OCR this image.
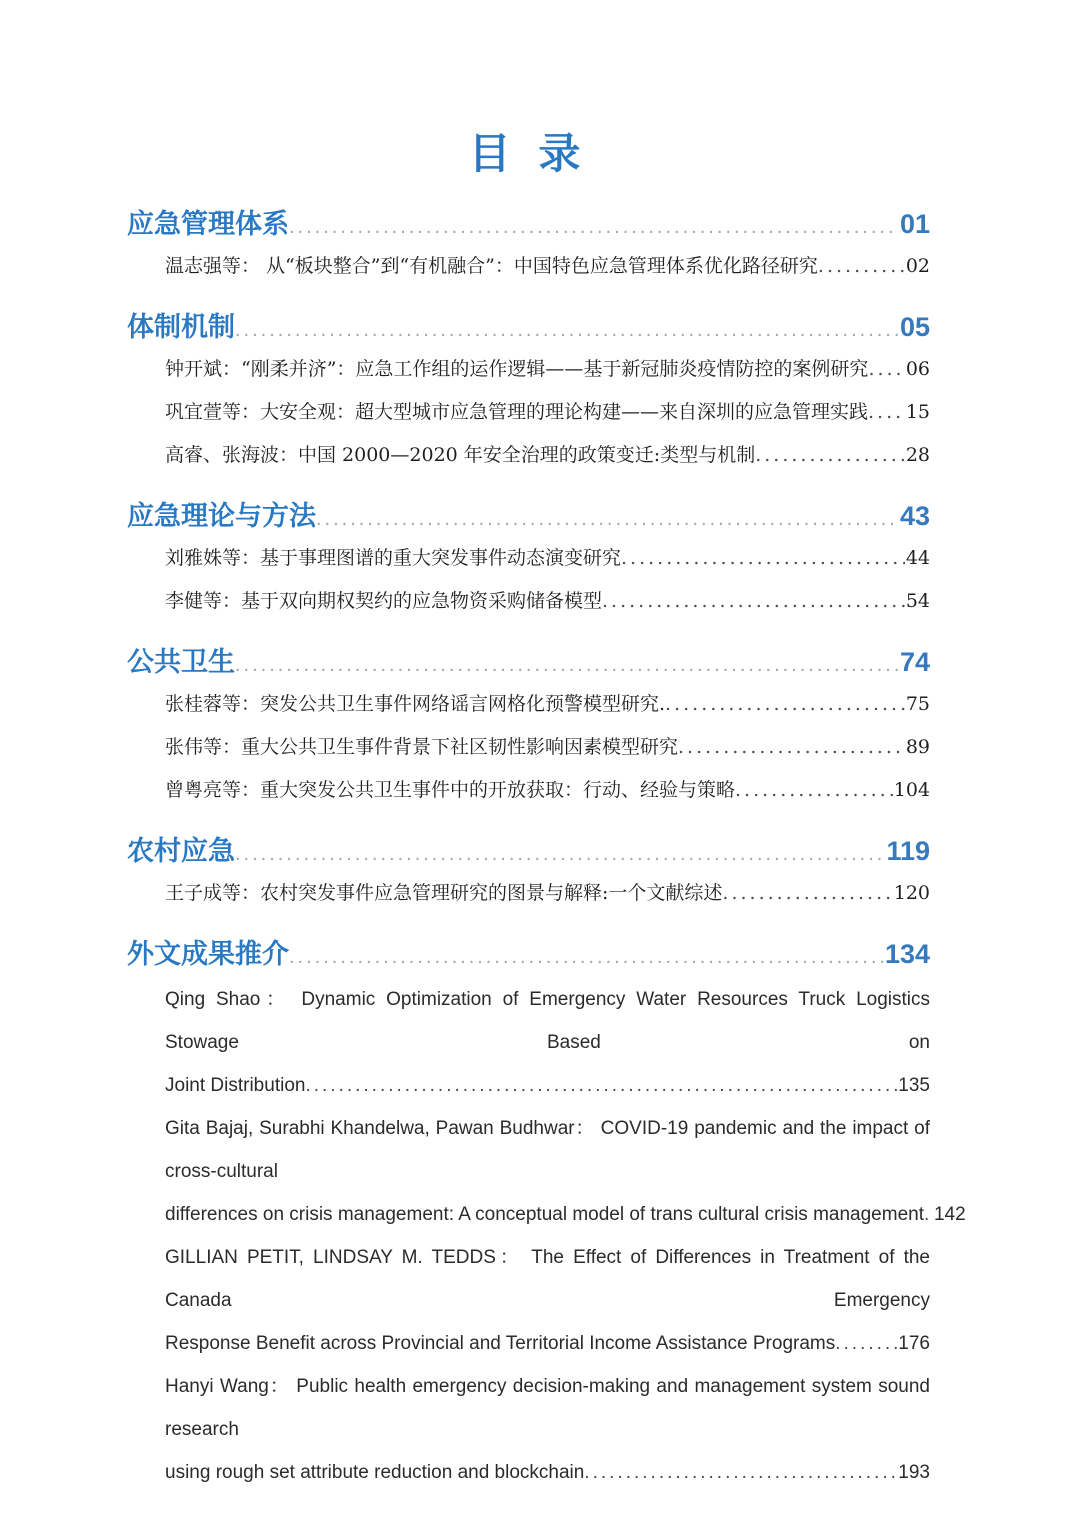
目 录
应急管理体系 .....	01
温志强等： 从“板块整合”到“有机融合”：中国特色应急管理体系优化路径研究 .....	02
体制机制 .....	05
钟开斌：“刚柔并济”：应急工作组的运作逻辑——基于新冠肺炎疫情防控的案例研究 ..... 06
巩宜萱等：大安全观：超大型城市应急管理的理论构建——来自深圳的应急管理实践 ..... 15
高睿、张海波：中国 2000—2020 年安全治理的政策变迁:类型与机制 .....	28
应急理论与方法 .....	43
刘雅姝等：基于事理图谱的重大突发事件动态演变研究 .....	44
李健等：基于双向期权契约的应急物资采购储备模型 .....	54
公共卫生 .....	74
张桂蓉等：突发公共卫生事件网络谣言网格化预警模型研究. .....	75
张伟等：重大公共卫生事件背景下社区韧性影响因素模型研究 .....	89
曾粤亮等：重大突发公共卫生事件中的开放获取：行动、经验与策略 .....	104
农村应急 .....	119
王子成等：农村突发事件应急管理研究的图景与解释:一个文献综述 .....	120
外文成果推介 .....	134
Qing Shao： Dynamic Optimization of Emergency Water Resources Truck Logistics Stowage Based on
Joint Distribution .....	135
Gita Bajaj, Surabhi Khandelwa, Pawan Budhwar： COVID-19 pandemic and the impact of cross-cultural
differences on crisis management: A conceptual model of trans cultural crisis management ..... 142
GILLIAN PETIT, LINDSAY M. TEDDS： The Effect of Differences in Treatment of the Canada Emergency
Response Benefit across Provincial and Territorial Income Assistance Programs .....	176
Hanyi Wang： Public health emergency decision-making and management system sound research
using rough set attribute reduction and blockchain .....	193
